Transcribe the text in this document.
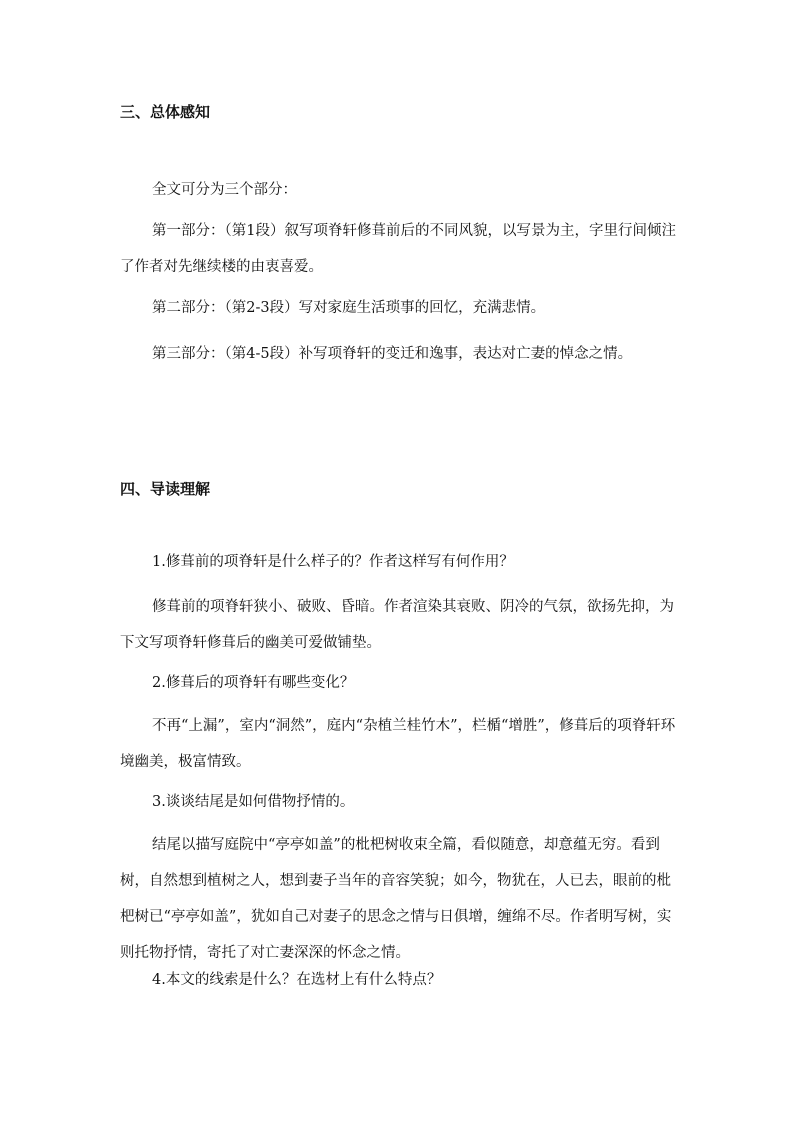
三、总体感知
全文可分为三个部分：
第一部分：（第1段）叙写项脊轩修葺前后的不同风貌，以写景为主，字里行间倾注了作者对先继续楼的由衷喜爱。
第二部分：（第2-3段）写对家庭生活琐事的回忆，充满悲情。
第三部分：（第4-5段）补写项脊轩的变迁和逸事，表达对亡妻的悼念之情。
四、导读理解
1.修葺前的项脊轩是什么样子的？作者这样写有何作用？
修葺前的项脊轩狭小、破败、昏暗。作者渲染其衰败、阴冷的气氛，欲扬先抑，为下文写项脊轩修葺后的幽美可爱做铺垫。
2.修葺后的项脊轩有哪些变化？
不再“上漏”，室内“洞然”，庭内“杂植兰桂竹木”，栏楯“增胜”，修葺后的项脊轩环境幽美，极富情致。
3.谈谈结尾是如何借物抒情的。
结尾以描写庭院中“亭亭如盖”的枇杷树收束全篇，看似随意，却意蕴无穷。看到树，自然想到植树之人，想到妻子当年的音容笑貌；如今，物犹在，人已去，眼前的枇杷树已“亭亭如盖”，犹如自己对妻子的思念之情与日俱增，缠绵不尽。作者明写树，实则托物抒情，寄托了对亡妻深深的怀念之情。
4.本文的线索是什么？在选材上有什么特点？
